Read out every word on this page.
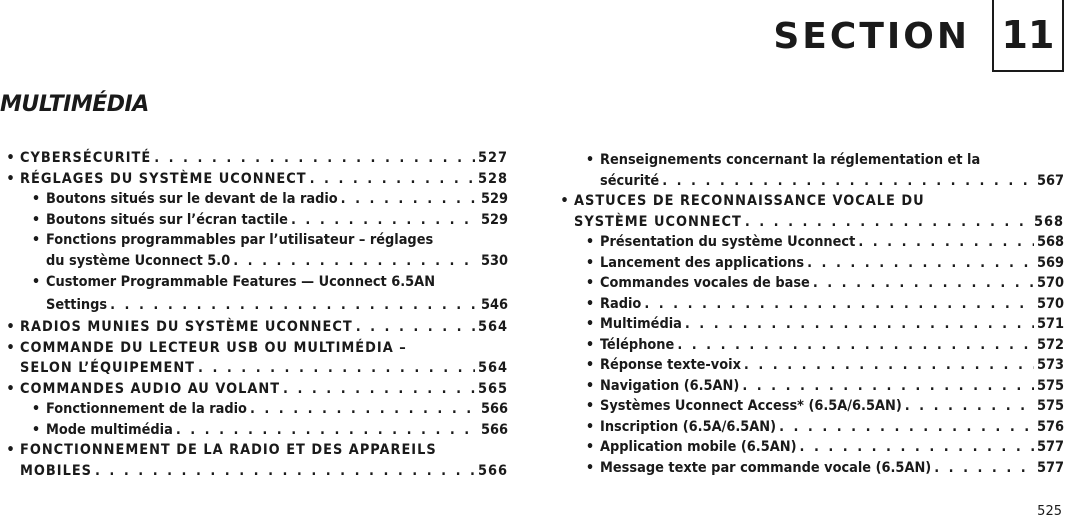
SECTION 11
MULTIMÉDIA
• CYBERSÉCURITÉ . . .	527
• RÉGLAGES DU SYSTÈME UCONNECT . . .	528
• Boutons situés sur le devant de la radio . . .	529
• Boutons situés sur l’écran tactile . . .	529
• Fonctions programmables par l’utilisateur – réglages
du système Uconnect 5.0 . . .	530
• Customer Programmable Features — Uconnect 6.5AN
Settings . . .	546
• RADIOS MUNIES DU SYSTÈME UCONNECT . . .	564
• COMMANDE DU LECTEUR USB OU MULTIMÉDIA –
SELON L’ÉQUIPEMENT . . .	564
• COMMANDES AUDIO AU VOLANT . . .	565
• Fonctionnement de la radio . . .	566
• Mode multimédia . . .	566
• FONCTIONNEMENT DE LA RADIO ET DES APPAREILS
MOBILES . . .	566
• Renseignements concernant la réglementation et la
sécurité . . .	567
• ASTUCES DE RECONNAISSANCE VOCALE DU
SYSTÈME UCONNECT . . .	568
• Présentation du système Uconnect . . .	568
• Lancement des applications . . .	569
• Commandes vocales de base . . .	570
• Radio . . .	570
• Multimédia . . .	571
• Téléphone . . .	572
• Réponse texte-voix . . .	573
• Navigation (6.5AN) . . .	575
• Systèmes Uconnect Access* (6.5A/6.5AN) . . .	575
• Inscription (6.5A/6.5AN) . . .	576
• Application mobile (6.5AN) . . .	577
• Message texte par commande vocale (6.5AN) . . .	577
525
